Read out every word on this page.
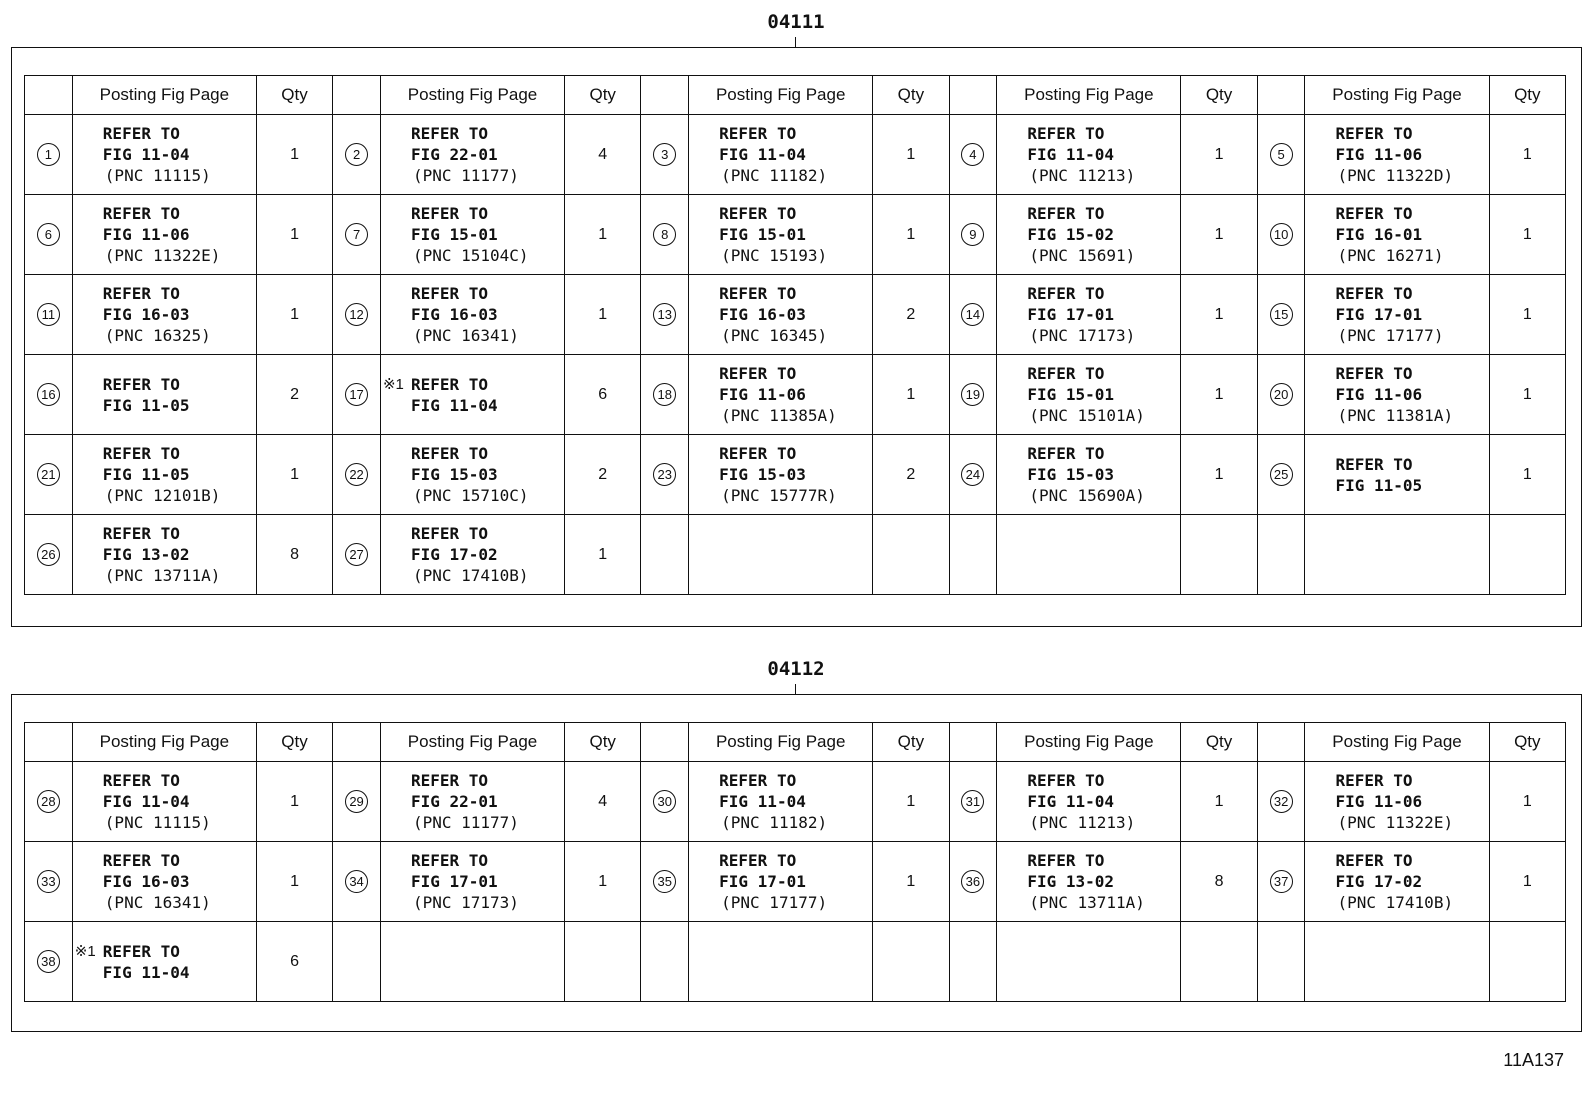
04111
	Posting Fig Page	Qty		Posting Fig Page	Qty		Posting Fig Page	Qty		Posting Fig Page	Qty		Posting Fig Page	Qty
1	REFER TO
FIG 11-04
(PNC 11115)	1	2	REFER TO
FIG 22-01
(PNC 11177)	4	3	REFER TO
FIG 11-04
(PNC 11182)	1	4	REFER TO
FIG 11-04
(PNC 11213)	1	5	REFER TO
FIG 11-06
(PNC 11322D)	1
6	REFER TO
FIG 11-06
(PNC 11322E)	1	7	REFER TO
FIG 15-01
(PNC 15104C)	1	8	REFER TO
FIG 15-01
(PNC 15193)	1	9	REFER TO
FIG 15-02
(PNC 15691)	1	10	REFER TO
FIG 16-01
(PNC 16271)	1
11	REFER TO
FIG 16-03
(PNC 16325)	1	12	REFER TO
FIG 16-03
(PNC 16341)	1	13	REFER TO
FIG 16-03
(PNC 16345)	2	14	REFER TO
FIG 17-01
(PNC 17173)	1	15	REFER TO
FIG 17-01
(PNC 17177)	1
16	REFER TO
FIG 11-05	2	17	※1 REFER TO
FIG 11-04	6	18	REFER TO
FIG 11-06
(PNC 11385A)	1	19	REFER TO
FIG 15-01
(PNC 15101A)	1	20	REFER TO
FIG 11-06
(PNC 11381A)	1
21	REFER TO
FIG 11-05
(PNC 12101B)	1	22	REFER TO
FIG 15-03
(PNC 15710C)	2	23	REFER TO
FIG 15-03
(PNC 15777R)	2	24	REFER TO
FIG 15-03
(PNC 15690A)	1	25	REFER TO
FIG 11-05	1
26	REFER TO
FIG 13-02
(PNC 13711A)	8	27	REFER TO
FIG 17-02
(PNC 17410B)	1									
04112
	Posting Fig Page	Qty		Posting Fig Page	Qty		Posting Fig Page	Qty		Posting Fig Page	Qty		Posting Fig Page	Qty
28	REFER TO
FIG 11-04
(PNC 11115)	1	29	REFER TO
FIG 22-01
(PNC 11177)	4	30	REFER TO
FIG 11-04
(PNC 11182)	1	31	REFER TO
FIG 11-04
(PNC 11213)	1	32	REFER TO
FIG 11-06
(PNC 11322E)	1
33	REFER TO
FIG 16-03
(PNC 16341)	1	34	REFER TO
FIG 17-01
(PNC 17173)	1	35	REFER TO
FIG 17-01
(PNC 17177)	1	36	REFER TO
FIG 13-02
(PNC 13711A)	8	37	REFER TO
FIG 17-02
(PNC 17410B)	1
38	※1 REFER TO
FIG 11-04	6												
11A137
